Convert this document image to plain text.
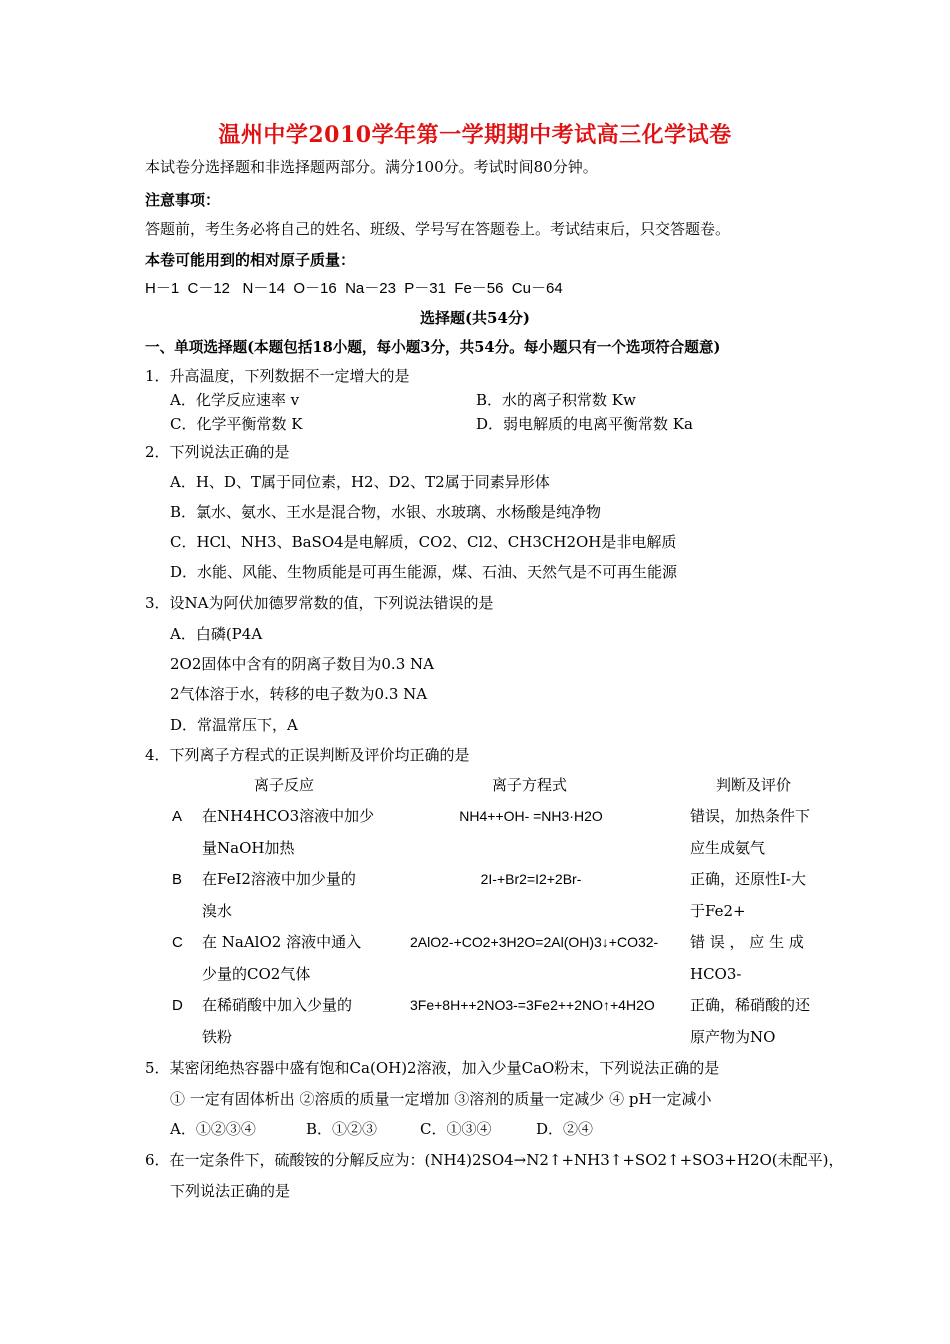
温州中学2010学年第一学期期中考试高三化学试卷
本试卷分选择题和非选择题两部分。满分100分。考试时间80分钟。
注意事项：
答题前，考生务必将自己的姓名、班级、学号写在答题卷上。考试结束后，只交答题卷。
本卷可能用到的相对原子质量：
H－1  C－12   N－14  O－16  Na－23  P－31  Fe－56  Cu－64
选择题(共54分)
一、单项选择题(本题包括18小题，每小题3分，共54分。每小题只有一个选项符合题意)
1．升高温度，下列数据不一定增大的是
A．化学反应速率 v	B．水的离子积常数 Kw
C．化学平衡常数 K	D．弱电解质的电离平衡常数 Ka
2．下列说法正确的是
A．H、D、T属于同位素，H2、D2、T2属于同素异形体
B．氯水、氨水、王水是混合物，水银、水玻璃、水杨酸是纯净物
C．HCl、NH3、BaSO4是电解质，CO2、Cl2、CH3CH2OH是非电解质
D．水能、风能、生物质能是可再生能源，煤、石油、天然气是不可再生能源
3．设NA为阿伏加德罗常数的值，下列说法错误的是
A．白磷(P4A
2O2固体中含有的阴离子数目为0.3 NA
2气体溶于水，转移的电子数为0.3 NA
D．常温常压下，A
4．下列离子方程式的正误判断及评价均正确的是
离子反应	离子方程式	判断及评价
A 在NH4HCO3溶液中加少
量NaOH加热
NH4++OH- =NH3·H2O	错误，加热条件下
应生成氨气
B 在FeI2溶液中加少量的
溴水
2I-+Br2=I2+2Br-	正确，还原性I-大
于Fe2+
C 在 NaAlO2 溶液中通入
少量的CO2气体
2AlO2-+CO2+3H2O=2Al(OH)3↓+CO32- 错 误 ， 应 生 成
HCO3-
D 在稀硝酸中加入少量的
铁粉
3Fe+8H++2NO3-=3Fe2++2NO↑+4H2O 正确，稀硝酸的还
原产物为NO
5．某密闭绝热容器中盛有饱和Ca(OH)2溶液，加入少量CaO粉末，下列说法正确的是
① 一定有固体析出 ②溶质的质量一定增加 ③溶剂的质量一定减少 ④ pH一定减小
A．①②③④	B．①②③	C．①③④	D．②④
6．在一定条件下，硫酸铵的分解反应为：(NH4)2SO4→N2↑+NH3↑+SO2↑+SO3+H2O(未配平)，
下列说法正确的是
